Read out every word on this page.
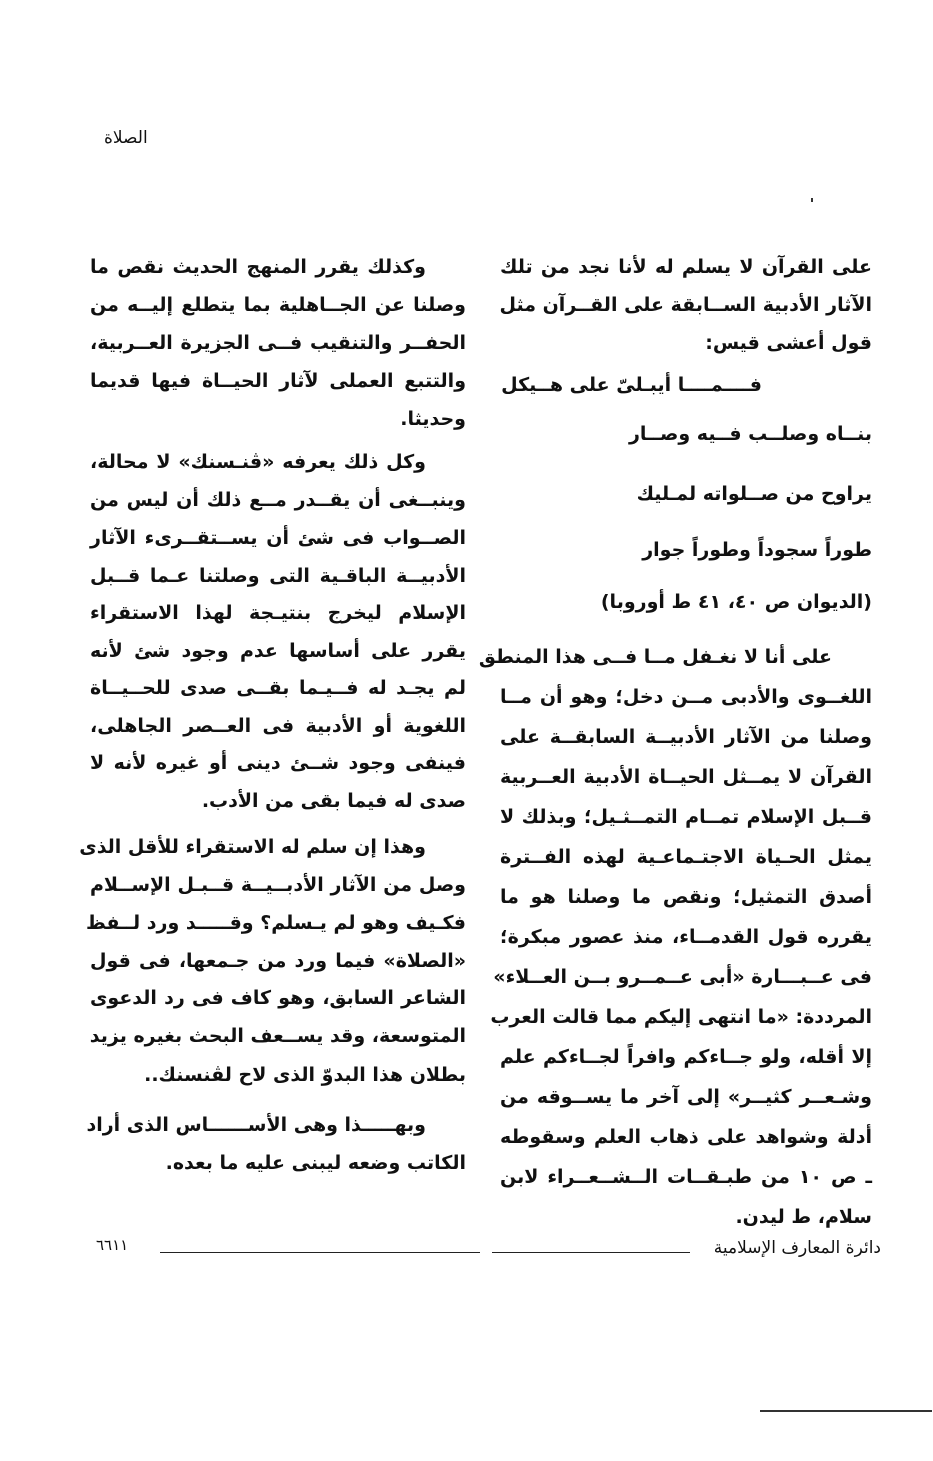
الصلاة
على القرآن لا يسلم له لأنا نجد من تلك
الآثار الأدبية الســابقة على القــرآن مثل
قول أعشى قيس:
فــــمــــا أيبـلىّ على هــيكل
بنــاه وصلــب فــيه وصــار
يراوح من صــلواته لمـليك
طوراً سجوداً وطوراً جوار
(الديوان ص ٤٠، ٤١ ط أوروبا)
على أنا لا نغـفل مــا فــى هذا المنطق
اللغــوى والأدبى مــن دخل؛ وهو أن مــا
وصلنا من الآثار الأدبيــة السابقــة على
القرآن لا يمــثل الحيــاة الأدبية العــربية
قــبل الإسلام تمــام التمــثـيل؛ وبذلك لا
يمثل الحـياة الاجتـماعـية لهذه الفــترة
أصدق التمثيل؛ ونقص ما وصلنا هو ما
يقرره قول القدمــاء، منذ عصور مبكرة؛
فى عــبـــارة «أبى عــمــرو بــن العــلاء»
المرددة: «ما انتهى إليكم مما قالت العرب
إلا أقله، ولو جــاءكم وافراً لجــاءكم علم
وشـعــر كثيــر» إلى آخر ما يســوقه من
أدلة وشواهد على ذهاب العلم وسقوطه
ـ ص ١٠ من طبـقــات الــشــعــراء لابن
سلام، ط ليدن.
وكذلك يقرر المنهج الحديث نقص ما
وصلنا عن الجــاهلية بما يتطلع إليــه من
الحفــر والتنقيب فــى الجزيرة العــربية،
والتتبع العملى لآثار الحيــاة فيها قديما
وحديثا.
وكل ذلك يعرفه «ڤنـسنك» لا محالة،
وينبــغى أن يقــدر مــع ذلك أن ليس من
الصــواب فى شئ أن يســتقــرىء الآثار
الأدبيــة الباقـية التى وصلتنا عـما قــبل
الإسلام ليخرج بنتيـجة لهذا الاستقراء
يقرر على أساسها عدم وجود شئ لأنه
لم يجـد له فــيـما بقــى صدى للحــيــاة
اللغوية أو الأدبية فى العــصر الجاهلى،
فينفى وجود شــئ دينى أو غيره لأنه لا
صدى له فيما بقى من الأدب.
وهذا إن سلم له الاستقراء للأقل الذى
وصل من الآثار الأدبــيــة قــبـل الإســلام
فكـيف وهو لم يـسلم؟ وقـــــد ورد لــفظ
«الصلاة» فيما ورد من جـمعها، فى قول
الشاعر السابق، وهو كاف فى رد الدعوى
المتوسعة، وقد يســعف البحث بغيره يزيد
بطلان هذا البدوّ الذى لاح لڤنسنك..
وبهـــــذا وهى الأســــــاس الذى أراد
الكاتب وضعه ليبنى عليه ما بعده.
دائرة المعارف الإسلامية
٦٦١١
